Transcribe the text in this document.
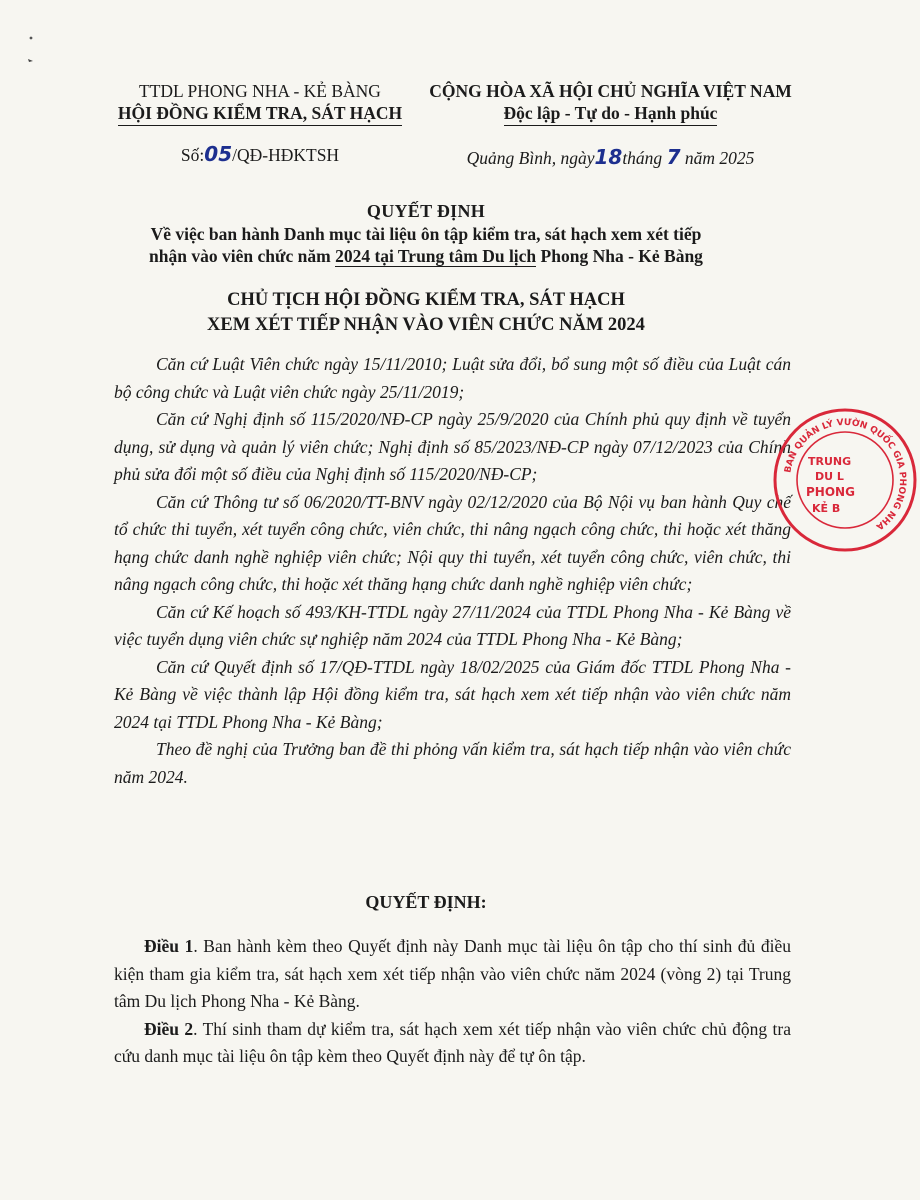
TTDL PHONG NHA - KẺ BÀNG
HỘI ĐỒNG KIỂM TRA, SÁT HẠCH
Số:05/QĐ-HĐKTSH
CỘNG HÒA XÃ HỘI CHỦ NGHĨA VIỆT NAM
Độc lập - Tự do - Hạnh phúc
Quảng Bình, ngày18tháng 7 năm 2025
QUYẾT ĐỊNH
Về việc ban hành Danh mục tài liệu ôn tập kiểm tra, sát hạch xem xét tiếp
nhận vào viên chức năm 2024 tại Trung tâm Du lịch Phong Nha - Kẻ Bàng
CHỦ TỊCH HỘI ĐỒNG KIỂM TRA, SÁT HẠCH
XEM XÉT TIẾP NHẬN VÀO VIÊN CHỨC NĂM 2024

Căn cứ Luật Viên chức ngày 15/11/2010; Luật sửa đổi, bổ sung một số điều của Luật cán bộ công chức và Luật viên chức ngày 25/11/2019;

Căn cứ Nghị định số 115/2020/NĐ-CP ngày 25/9/2020 của Chính phủ quy định về tuyển dụng, sử dụng và quản lý viên chức; Nghị định số 85/2023/NĐ-CP ngày 07/12/2023 của Chính phủ sửa đổi một số điều của Nghị định số 115/2020/NĐ-CP;

Căn cứ Thông tư số 06/2020/TT-BNV ngày 02/12/2020 của Bộ Nội vụ ban hành Quy chế tổ chức thi tuyển, xét tuyển công chức, viên chức, thi nâng ngạch công chức, thi hoặc xét thăng hạng chức danh nghề nghiệp viên chức; Nội quy thi tuyển, xét tuyển công chức, viên chức, thi nâng ngạch công chức, thi hoặc xét thăng hạng chức danh nghề nghiệp viên chức;

Căn cứ Kế hoạch số 493/KH-TTDL ngày 27/11/2024 của TTDL Phong Nha - Kẻ Bàng về việc tuyển dụng viên chức sự nghiệp năm 2024 của TTDL Phong Nha - Kẻ Bàng;

Căn cứ Quyết định số 17/QĐ-TTDL ngày 18/02/2025 của Giám đốc TTDL Phong Nha - Kẻ Bàng về việc thành lập Hội đồng kiểm tra, sát hạch xem xét tiếp nhận vào viên chức năm 2024 tại TTDL Phong Nha - Kẻ Bàng;

Theo đề nghị của Trưởng ban đề thi phỏng vấn kiểm tra, sát hạch tiếp nhận vào viên chức năm 2024.

QUYẾT ĐỊNH:

Điều 1. Ban hành kèm theo Quyết định này Danh mục tài liệu ôn tập cho thí sinh đủ điều kiện tham gia kiểm tra, sát hạch xem xét tiếp nhận vào viên chức năm 2024 (vòng 2) tại Trung tâm Du lịch Phong Nha - Kẻ Bàng.

Điều 2. Thí sinh tham dự kiểm tra, sát hạch xem xét tiếp nhận vào viên chức chủ động tra cứu danh mục tài liệu ôn tập kèm theo Quyết định này để tự ôn tập.

BAN QUẢN LÝ VƯỜN QUỐC GIA PHONG NHA
TRUNG
DU L
PHONG
KẺ B
